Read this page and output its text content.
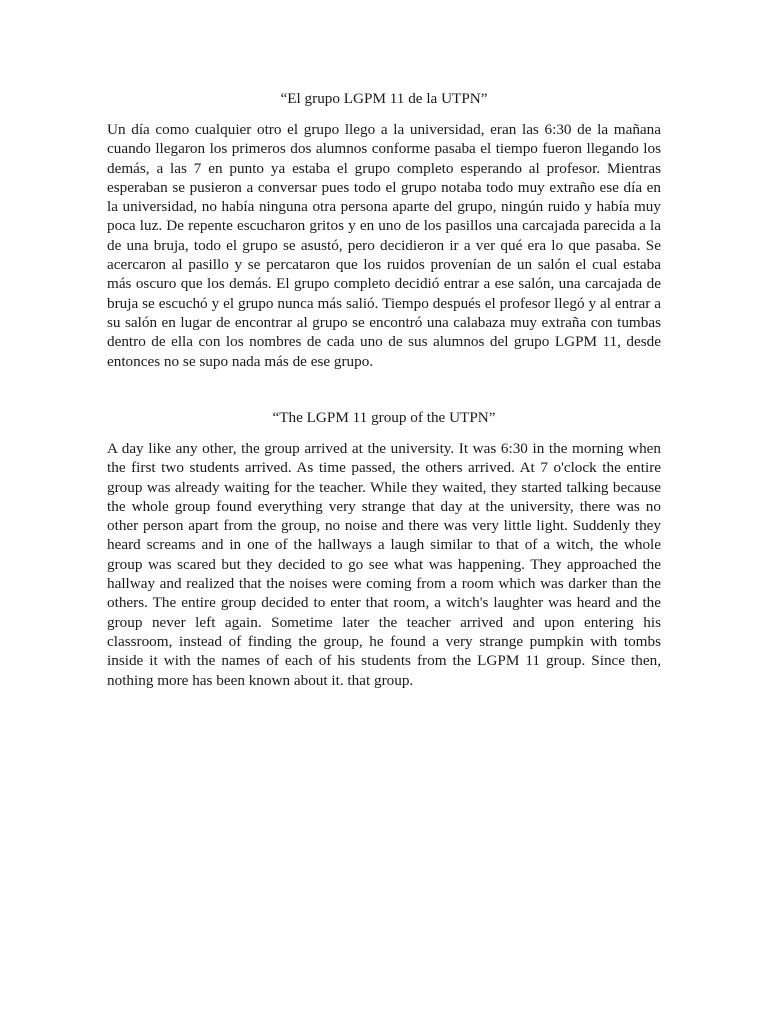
“El grupo LGPM 11 de la UTPN”

Un día como cualquier otro el grupo llego a la universidad, eran las 6:30 de la mañana cuando llegaron los primeros dos alumnos conforme pasaba el tiempo fueron llegando los demás, a las 7 en punto ya estaba el grupo completo esperando al profesor. Mientras esperaban se pusieron a conversar pues todo el grupo notaba todo muy extraño ese día en la universidad, no había ninguna otra persona aparte del grupo, ningún ruido y había muy poca luz. De repente escucharon gritos y en uno de los pasillos una carcajada parecida a la de una bruja, todo el grupo se asustó, pero decidieron ir a ver qué era lo que pasaba. Se acercaron al pasillo y se percataron que los ruidos provenían de un salón el cual estaba más oscuro que los demás. El grupo completo decidió entrar a ese salón, una carcajada de bruja se escuchó y el grupo nunca más salió. Tiempo después el profesor llegó y al entrar a su salón en lugar de encontrar al grupo se encontró una calabaza muy extraña con tumbas dentro de ella con los nombres de cada uno de sus alumnos del grupo LGPM 11, desde entonces no se supo nada más de ese grupo.

“The LGPM 11 group of the UTPN”

A day like any other, the group arrived at the university. It was 6:30 in the morning when the first two students arrived. As time passed, the others arrived. At 7 o'clock the entire group was already waiting for the teacher. While they waited, they started talking because the whole group found everything very strange that day at the university, there was no other person apart from the group, no noise and there was very little light. Suddenly they heard screams and in one of the hallways a laugh similar to that of a witch, the whole group was scared but they decided to go see what was happening. They approached the hallway and realized that the noises were coming from a room which was darker than the others. The entire group decided to enter that room, a witch's laughter was heard and the group never left again. Sometime later the teacher arrived and upon entering his classroom, instead of finding the group, he found a very strange pumpkin with tombs inside it with the names of each of his students from the LGPM 11 group. Since then, nothing more has been known about it. that group.
